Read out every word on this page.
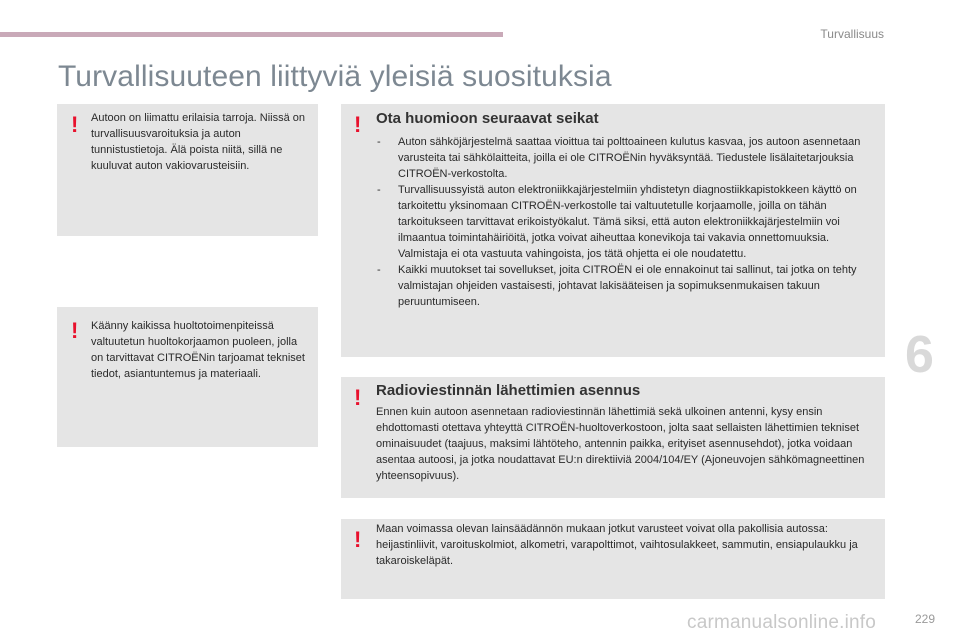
Turvallisuus
Turvallisuuteen liittyviä yleisiä suosituksia
! Autoon on liimattu erilaisia tarroja. Niissä on turvallisuusvaroituksia ja auton tunnistustietoja. Älä poista niitä, sillä ne kuuluvat auton vakiovarusteisiin.
! Käänny kaikissa huoltotoimenpiteissä valtuutetun huoltokorjaamon puoleen, jolla on tarvittavat CITROËNin tarjoamat tekniset tiedot, asiantuntemus ja materiaali.
! Ota huomioon seuraavat seikat
- Auton sähköjärjestelmä saattaa vioittua tai polttoaineen kulutus kasvaa, jos autoon asennetaan varusteita tai sähkölaitteita, joilla ei ole CITROËNin hyväksyntää. Tiedustele lisälaitetarjouksia CITROËN-verkostolta.
- Turvallisuussyistä auton elektroniikkajärjestelmiin yhdistetyn diagnostiikkapistokkeen käyttö on tarkoitettu yksinomaan CITROËN-verkostolle tai valtuutetulle korjaamolle, joilla on tähän tarkoitukseen tarvittavat erikoistyökalut. Tämä siksi, että auton elektroniikkajärjestelmiin voi ilmaantua toimintahäiriöitä, jotka voivat aiheuttaa konevikoja tai vakavia onnettomuuksia. Valmistaja ei ota vastuuta vahingoista, jos tätä ohjetta ei ole noudatettu.
- Kaikki muutokset tai sovellukset, joita CITROËN ei ole ennakoinut tai sallinut, tai jotka on tehty valmistajan ohjeiden vastaisesti, johtavat lakisääteisen ja sopimuksenmukaisen takuun peruuntumiseen.
! Radioviestinnän lähettimien asennus
Ennen kuin autoon asennetaan radioviestinnän lähettimiä sekä ulkoinen antenni, kysy ensin ehdottomasti otettava yhteyttä CITROËN-huoltoverkostoon, jolta saat sellaisten lähettimien tekniset ominaisuudet (taajuus, maksimi lähtöteho, antennin paikka, erityiset asennusehdot), jotka voidaan asentaa autoosi, ja jotka noudattavat EU:n direktiiviä 2004/104/EY (Ajoneuvojen sähkömagneettinen yhteensopivuus).
! Maan voimassa olevan lainsäädännön mukaan jotkut varusteet voivat olla pakollisia autossa: heijastinliivit, varoituskolmiot, alkometri, varapolttimot, vaihtosulakkeet, sammutin, ensiapulaukku ja takaroiskeläpät.
6
carmanualsonline.info	229
